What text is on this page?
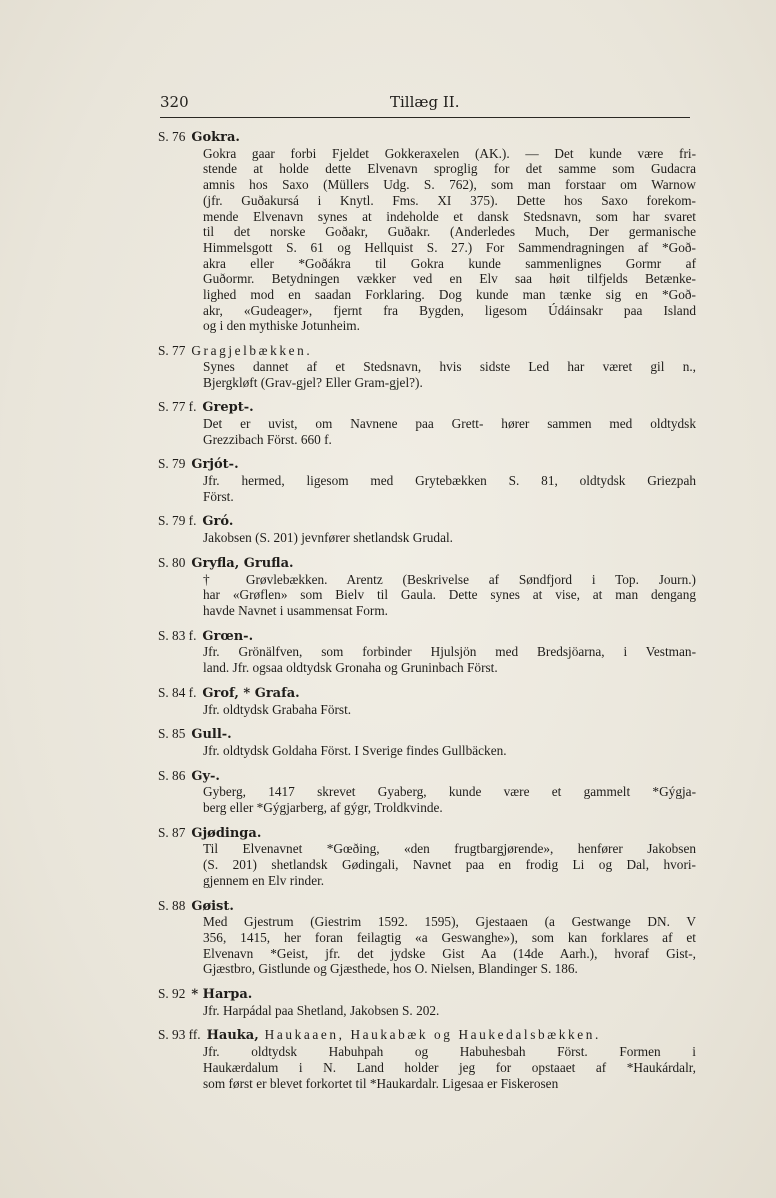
320	Tillæg II.
S. 76 Gokra.
Gokra gaar forbi Fjeldet Gokkeraxelen (AK.). — Det kunde være fri-
stende at holde dette Elvenavn sproglig for det samme som Gudacra
amnis hos Saxo (Müllers Udg. S. 762), som man forstaar om Warnow
(jfr. Guðakursá i Knytl. Fms. XI 375). Dette hos Saxo forekom-
mende Elvenavn synes at indeholde et dansk Stedsnavn, som har svaret
til det norske Goðakr, Guðakr. (Anderledes Much, Der germanische
Himmelsgott S. 61 og Hellquist S. 27.) For Sammendragningen af *Goð-
akra eller *Goðákra til Gokra kunde sammenlignes Gormr af
Guðormr. Betydningen vækker ved en Elv saa høit tilfjelds Betænke-
lighed mod en saadan Forklaring. Dog kunde man tænke sig en *Goð-
akr, «Gudeager», fjernt fra Bygden, ligesom Údáinsakr paa Island
og i den mythiske Jotunheim.
S. 77 Gragjelbækken.
Synes dannet af et Stedsnavn, hvis sidste Led har været gil n.,
Bjergkløft (Grav-gjel? Eller Gram-gjel?).
S. 77 f. Grept-.
Det er uvist, om Navnene paa Grett- hører sammen med oldtydsk
Grezzibach Först. 660 f.
S. 79 Grjót-.
Jfr. hermed, ligesom med Grytebækken S. 81, oldtydsk Griezpah
Först.
S. 79 f. Gró.
Jakobsen (S. 201) jevnfører shetlandsk Grudal.
S. 80 Gryfla, Grufla.
† Grøvlebækken. Arentz (Beskrivelse af Søndfjord i Top. Journ.)
har «Grøflen» som Bielv til Gaula. Dette synes at vise, at man dengang
havde Navnet i usammensat Form.
S. 83 f. Grœn-.
Jfr. Grönälfven, som forbinder Hjulsjön med Bredsjöarna, i Vestman-
land. Jfr. ogsaa oldtydsk Gronaha og Gruninbach Först.
S. 84 f. Grof, * Grafa.
Jfr. oldtydsk Grabaha Först.
S. 85 Gull-.
Jfr. oldtydsk Goldaha Först. I Sverige findes Gullbäcken.
S. 86 Gy-.
Gyberg, 1417 skrevet Gyaberg, kunde være et gammelt *Gýgja-
berg eller *Gýgjarberg, af gýgr, Troldkvinde.
S. 87 Gjødinga.
Til Elvenavnet *Gœðing, «den frugtbargjørende», henfører Jakobsen
(S. 201) shetlandsk Gødingali, Navnet paa en frodig Li og Dal, hvori-
gjennem en Elv rinder.
S. 88 Gøist.
Med Gjestrum (Giestrim 1592. 1595), Gjestaaen (a Gestwange DN. V
356, 1415, her foran feilagtig «a Geswanghe»), som kan forklares af et
Elvenavn *Geist, jfr. det jydske Gist Aa (14de Aarh.), hvoraf Gist-,
Gjæstbro, Gistlunde og Gjæsthede, hos O. Nielsen, Blandinger S. 186.
S. 92 * Harpa.
Jfr. Harpádal paa Shetland, Jakobsen S. 202.
S. 93 ff. Hauka, Haukaaen, Haukabæk og Haukedalsbækken.
Jfr. oldtydsk Habuhpah og Habuhesbah Först. Formen i
Haukærdalum i N. Land holder jeg for opstaaet af *Haukárdalr,
som først er blevet forkortet til *Haukardalr. Ligesaa er Fiskerosen
